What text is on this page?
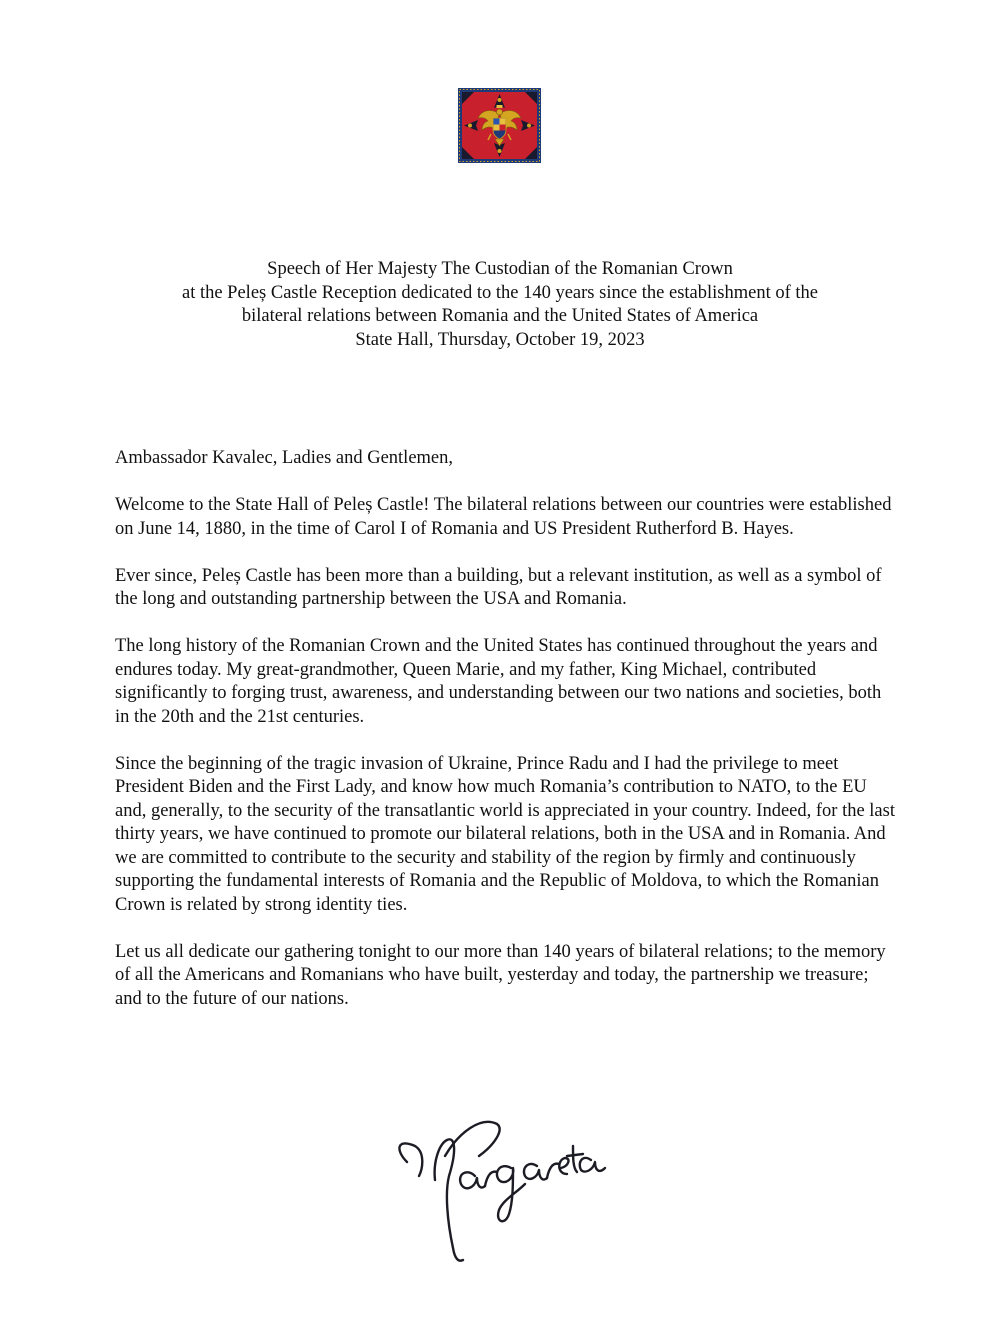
Speech of Her Majesty The Custodian of the Romanian Crown
at the Peleș Castle Reception dedicated to the 140 years since the establishment of the
bilateral relations between Romania and the United States of America
State Hall, Thursday, October 19, 2023

Ambassador Kavalec, Ladies and Gentlemen,

Welcome to the State Hall of Peleș Castle! The bilateral relations between our countries were established on June 14, 1880, in the time of Carol I of Romania and US President Rutherford B. Hayes.

Ever since, Peleș Castle has been more than a building, but a relevant institution, as well as a symbol of the long and outstanding partnership between the USA and Romania.

The long history of the Romanian Crown and the United States has continued throughout the years and endures today. My great-grandmother, Queen Marie, and my father, King Michael, contributed significantly to forging trust, awareness, and understanding between our two nations and societies, both in the 20th and the 21st centuries.

Since the beginning of the tragic invasion of Ukraine, Prince Radu and I had the privilege to meet President Biden and the First Lady, and know how much Romania’s contribution to NATO, to the EU and, generally, to the security of the transatlantic world is appreciated in your country. Indeed, for the last thirty years, we have continued to promote our bilateral relations, both in the USA and in Romania. And we are committed to contribute to the security and stability of the region by firmly and continuously supporting the fundamental interests of Romania and the Republic of Moldova, to which the Romanian Crown is related by strong identity ties.

Let us all dedicate our gathering tonight to our more than 140 years of bilateral relations; to the memory of all the Americans and Romanians who have built, yesterday and today, the partnership we treasure; and to the future of our nations.
